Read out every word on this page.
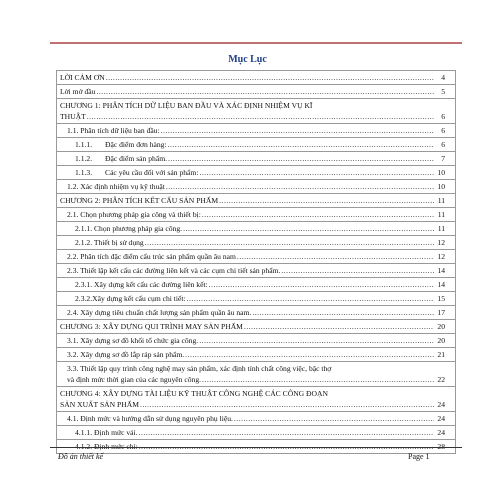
Mục Lục
LỜI CẢM ƠN .....	4
Lời mở đầu .....	5
CHƯƠNG 1: PHÂN TÍCH DỮ LIỆU BAN ĐẦU VÀ XÁC ĐỊNH NHIỆM VỤ KĨ
THUẬT .....	6
1.1. Phân tích dữ liệu ban đầu: .....	6
1.1.1. Đặc điểm đơn hàng: .....	6
1.1.2. Đặc điểm sản phẩm. .....	7
1.1.3. Các yêu cầu đối với sản phẩm: .....	10
1.2. Xác định nhiệm vụ kỹ thuật .....	10
CHƯƠNG 2: PHÂN TÍCH KẾT CẤU SẢN PHẨM .....	11
2.1. Chọn phương pháp gia công và thiết bị: .....	11
2.1.1. Chọn phương pháp gia công. .....	11
2.1.2. Thiết bị sử dụng .....	12
2.2. Phân tích đặc điểm cấu trúc sản phẩm quần âu nam .....	12
2.3. Thiết lập kết cấu các đường liên kết và các cụm chi tiết sản phẩm. .....	14
2.3.1. Xây dựng kết cấu các đường liên kết: .....	14
2.3.2.Xây dựng kết cấu cụm chi tiết: .....	15
2.4. Xây dựng tiêu chuẩn chất lượng sản phẩm quần âu nam. .....	17
CHƯƠNG 3: XÂY DỰNG QUI TRÌNH MAY SẢN PHẨM .....	20
3.1. Xây dựng sơ đồ khối tổ chức gia công. .....	20
3.2. Xây dựng sơ đồ lắp ráp sản phẩm. .....	21
3.3. Thiết lập quy trình công nghệ may sản phẩm, xác định tính chất công việc, bậc thợ
và định mức thời gian của các nguyên công. .....	22
CHƯƠNG 4: XÂY DỰNG TÀI LIỆU KỸ THUẬT CÔNG NGHỆ CÁC CÔNG ĐOẠN
SẢN XUẤT SẢN PHẨM .....	24
4.1. Định mức và hướng dẫn sử dụng nguyên phụ liệu. .....	24
4.1.1. Định mức vải. .....	24
.....
Đồ án thiết kế	Page 1
